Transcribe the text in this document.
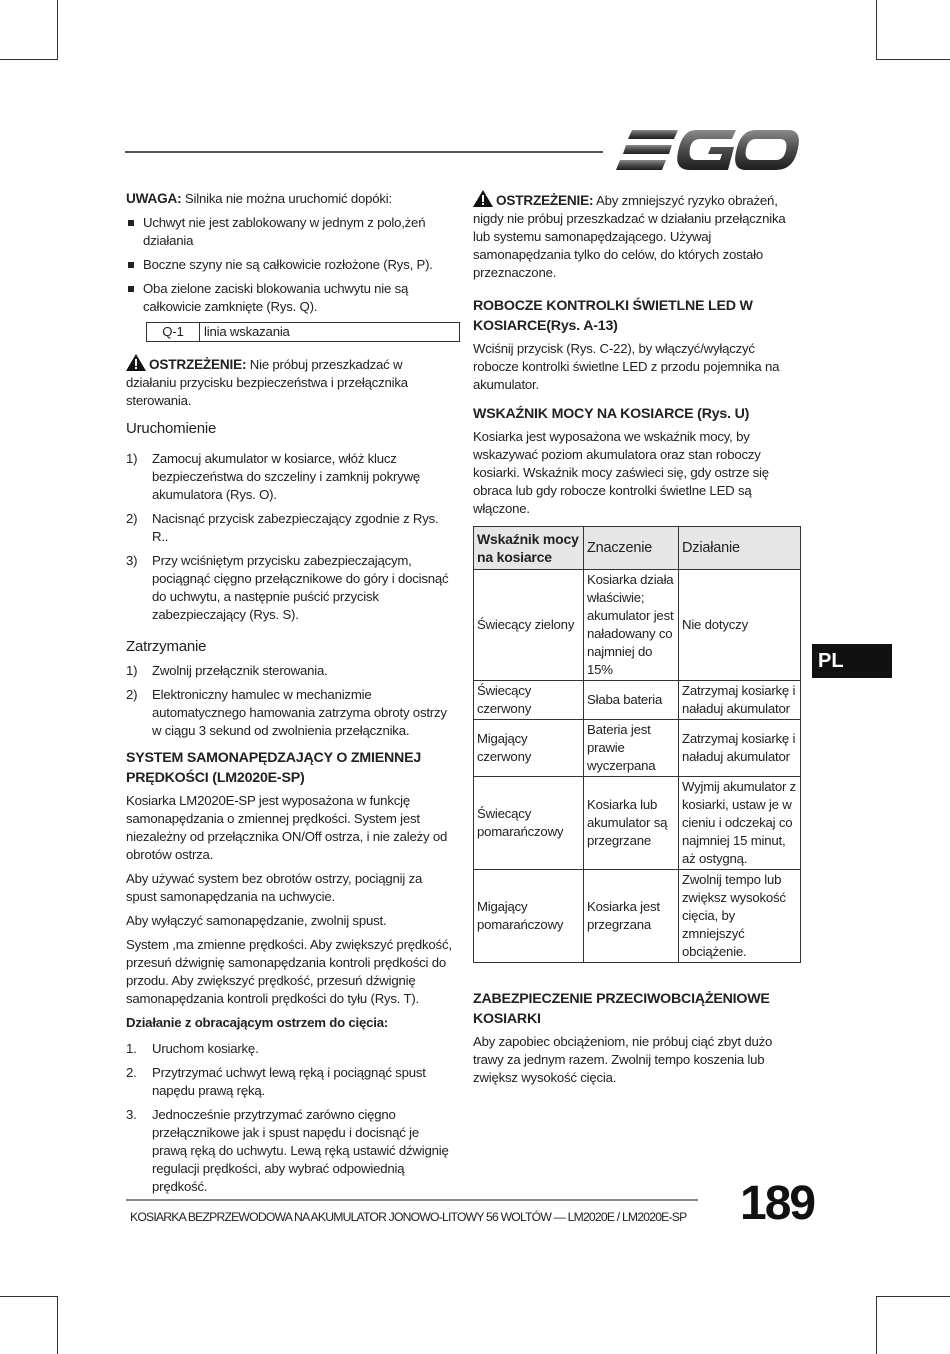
UWAGA: Silnika nie można uruchomić dopóki:

Uchwyt nie jest zablokowany w jednym z polo,żeń działania
Boczne szyny nie są całkowicie rozłożone (Rys, P).
Oba zielone zaciski blokowania uchwytu nie są całkowicie zamknięte (Rys. Q).
Q-1	linia wskazania

OSTRZEŻENIE: Nie próbuj przeszkadzać w działaniu przycisku bezpieczeństwa i przełącznika sterowania.

Uruchomienie
1) Zamocuj akumulator w kosiarce, włóż klucz bezpieczeństwa do szczeliny i zamknij pokrywę akumulatora (Rys. O).
2) Nacisnąć przycisk zabezpieczający zgodnie z Rys. R..
3) Przy wciśniętym przycisku zabezpieczającym, pociągnąć cięgno przełącznikowe do góry i docisnąć do uchwytu, a następnie puścić przycisk zabezpieczający (Rys. S).
Zatrzymanie
1) Zwolnij przełącznik sterowania.
2) Elektroniczny hamulec w mechanizmie automatycznego hamowania zatrzyma obroty ostrzy w ciągu 3 sekund od zwolnienia przełącznika.
SYSTEM SAMONAPĘDZAJĄCY O ZMIENNEJ PRĘDKOŚCI (LM2020E-SP)

Kosiarka LM2020E-SP jest wyposażona w funkcję samonapędzania o zmiennej prędkości. System jest niezależny od przełącznika ON/Off ostrza, i nie zależy od obrotów ostrza.

Aby używać system bez obrotów ostrzy, pociągnij za spust samonapędzania na uchwycie.

Aby wyłączyć samonapędzanie, zwolnij spust.

System ,ma zmienne prędkości. Aby zwiększyć prędkość, przesuń dźwignię samonapędzania kontroli prędkości do przodu. Aby zwiększyć prędkość, przesuń dźwignię samonapędzania kontroli prędkości do tyłu (Rys. T).

Działanie z obracającym ostrzem do cięcia:
1. Uruchom kosiarkę.
2. Przytrzymać uchwyt lewą ręką i pociągnąć spust napędu prawą ręką.
3. Jednocześnie przytrzymać zarówno cięgno przełącznikowe jak i spust napędu i docisnąć je prawą ręką do uchwytu. Lewą ręką ustawić dźwignię regulacji prędkości, aby wybrać odpowiednią prędkość.

OSTRZEŻENIE: Aby zmniejszyć ryzyko obrażeń, nigdy nie próbuj przeszkadzać w działaniu przełącznika lub systemu samonapędzającego. Używaj samonapędzania tylko do celów, do których zostało przeznaczone.

ROBOCZE KONTROLKI ŚWIETLNE LED W KOSIARCE(Rys. A-13)

Wciśnij przycisk (Rys. C-22), by włączyć/wyłączyć robocze kontrolki świetlne LED z przodu pojemnika na akumulator.

WSKAŹNIK MOCY NA KOSIARCE (Rys. U)

Kosiarka jest wyposażona we wskaźnik mocy, by wskazywać poziom akumulatora oraz stan roboczy kosiarki. Wskaźnik mocy zaświeci się, gdy ostrze się obraca lub gdy robocze kontrolki świetlne LED są włączone.

Wskaźnik mocy na kosiarce	Znaczenie	Działanie
Świecący zielony	Kosiarka działa właściwie; akumulator jest naładowany co najmniej do 15%	Nie dotyczy
Świecący czerwony	Słaba bateria	Zatrzymaj kosiarkę i naładuj akumulator
Migający czerwony	Bateria jest prawie wyczerpana	Zatrzymaj kosiarkę i naładuj akumulator
Świecący pomarańczowy	Kosiarka lub akumulator są przegrzane	Wyjmij akumulator z kosiarki, ustaw je w cieniu i odczekaj co najmniej 15 minut, aż ostygną.
Migający pomarańczowy	Kosiarka jest przegrzana	Zwolnij tempo lub zwiększ wysokość cięcia, by zmniejszyć obciążenie.
ZABEZPIECZENIE PRZECIWOBCIĄŻENIOWE KOSIARKI

Aby zapobiec obciążeniom, nie próbuj ciąć zbyt dużo trawy za jednym razem. Zwolnij tempo koszenia lub zwiększ wysokość cięcia.

PL
KOSIARKA BEZPRZEWODOWA NA AKUMULATOR JONOWO-LITOWY 56 WOLTÓW — LM2020E / LM2020E-SP 189
